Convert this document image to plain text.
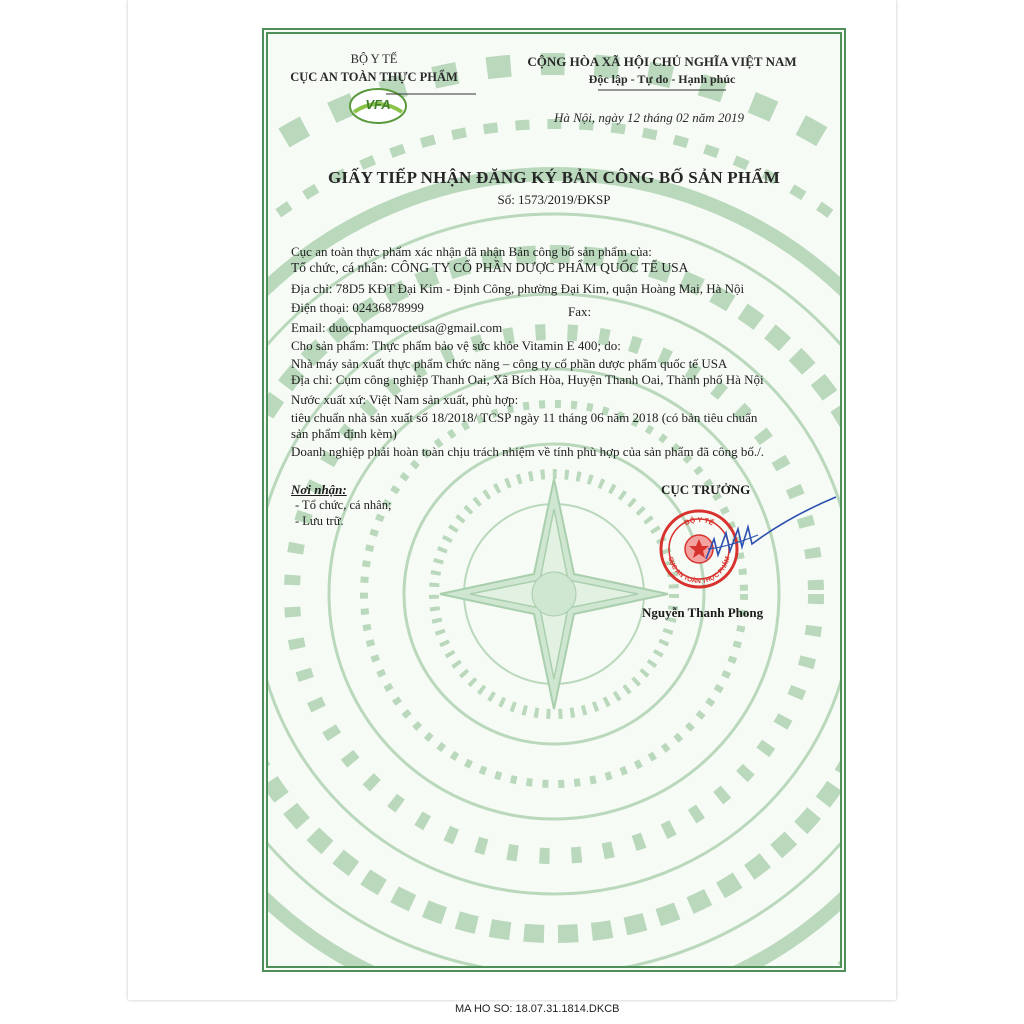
BỘ Y TẾ
CỤC AN TOÀN THỰC PHẨM
VFA
CỘNG HÒA XÃ HỘI CHỦ NGHĨA VIỆT NAM
Độc lập - Tự do - Hạnh phúc
Hà Nội, ngày 12 tháng 02 năm 2019
GIẤY TIẾP NHẬN ĐĂNG KÝ BẢN CÔNG BỐ SẢN PHẨM
Số: 1573/2019/ĐKSP
Cục an toàn thực phẩm xác nhận đã nhận Bản công bố sản phẩm của:
Tổ chức, cá nhân: CÔNG TY CỔ PHẦN DƯỢC PHẨM QUỐC TẾ USA
Địa chỉ: 78D5 KĐT Đại Kim - Định Công, phường Đại Kim, quận Hoàng Mai, Hà Nội
Điện thoại: 02436878999	Fax:
Email: duocphamquocteusa@gmail.com
Cho sản phẩm: Thực phẩm bảo vệ sức khỏe Vitamin E 400; do:
Nhà máy sản xuất thực phẩm chức năng – công ty cổ phần dược phẩm quốc tế USA
Địa chỉ: Cụm công nghiệp Thanh Oai, Xã Bích Hòa, Huyện Thanh Oai, Thành phố Hà Nội
Nước xuất xứ: Việt Nam sản xuất, phù hợp:
tiêu chuẩn nhà sản xuất số 18/2018/ TCSP ngày 11 tháng 06 năm 2018 (có bản tiêu chuẩn
sản phẩm đính kèm)
Doanh nghiệp phải hoàn toàn chịu trách nhiệm về tính phù hợp của sản phẩm đã công bố./.
Nơi nhận:
- Tổ chức, cá nhân;
- Lưu trữ.
CỤC TRƯỞNG
BỘ Y TẾ
CỤC AN TOÀN THỰC PHẨM
Nguyễn Thanh Phong
MA HO SO: 18.07.31.1814.DKCB
